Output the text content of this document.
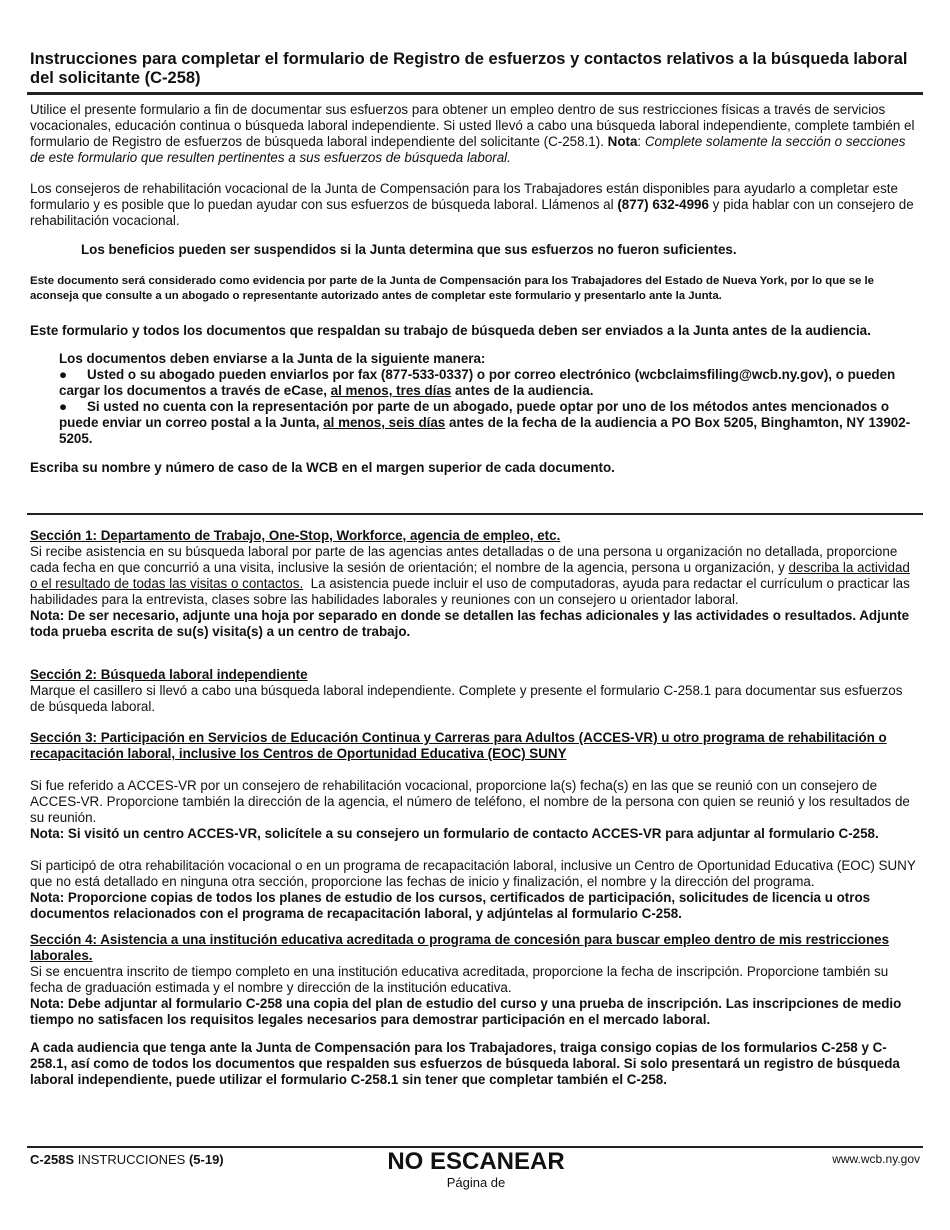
Instrucciones para completar el formulario de Registro de esfuerzos y contactos relativos a la búsqueda laboral del solicitante (C-258)

Utilice el presente formulario a fin de documentar sus esfuerzos para obtener un empleo dentro de sus restricciones físicas a través de servicios vocacionales, educación continua o búsqueda laboral independiente. Si usted llevó a cabo una búsqueda laboral independiente, complete también el formulario de Registro de esfuerzos de búsqueda laboral independiente del solicitante (C-258.1). Nota: Complete solamente la sección o secciones de este formulario que resulten pertinentes a sus esfuerzos de búsqueda laboral.

Los consejeros de rehabilitación vocacional de la Junta de Compensación para los Trabajadores están disponibles para ayudarlo a completar este formulario y es posible que lo puedan ayudar con sus esfuerzos de búsqueda laboral. Llámenos al (877) 632-4996 y pida hablar con un consejero de rehabilitación vocacional.

Los beneficios pueden ser suspendidos si la Junta determina que sus esfuerzos no fueron suficientes.
Este documento será considerado como evidencia por parte de la Junta de Compensación para los Trabajadores del Estado de Nueva York, por lo que se le aconseja que consulte a un abogado o representante autorizado antes de completar este formulario y presentarlo ante la Junta.
Este formulario y todos los documentos que respaldan su trabajo de búsqueda deben ser enviados a la Junta antes de la audiencia.

Los documentos deben enviarse a la Junta de la siguiente manera:

● Usted o su abogado pueden enviarlos por fax (877-533-0337) o por correo electrónico (wcbclaimsfiling@wcb.ny.gov), o pueden cargar los documentos a través de eCase, al menos, tres días antes de la audiencia.

● Si usted no cuenta con la representación por parte de un abogado, puede optar por uno de los métodos antes mencionados o puede enviar un correo postal a la Junta, al menos, seis días antes de la fecha de la audiencia a PO Box 5205, Binghamton, NY 13902-5205.

Escriba su nombre y número de caso de la WCB en el margen superior de cada documento.

Sección 1: Departamento de Trabajo, One-Stop, Workforce, agencia de empleo, etc.

Si recibe asistencia en su búsqueda laboral por parte de las agencias antes detalladas o de una persona u organización no detallada, proporcione cada fecha en que concurrió a una visita, inclusive la sesión de orientación; el nombre de la agencia, persona u organización, y describa la actividad o el resultado de todas las visitas o contactos. La asistencia puede incluir el uso de computadoras, ayuda para redactar el currículum o practicar las habilidades para la entrevista, clases sobre las habilidades laborales y reuniones con un consejero u orientador laboral.

Nota: De ser necesario, adjunte una hoja por separado en donde se detallen las fechas adicionales y las actividades o resultados. Adjunte toda prueba escrita de su(s) visita(s) a un centro de trabajo.

Sección 2: Búsqueda laboral independiente

Marque el casillero si llevó a cabo una búsqueda laboral independiente. Complete y presente el formulario C-258.1 para documentar sus esfuerzos de búsqueda laboral.

Sección 3: Participación en Servicios de Educación Continua y Carreras para Adultos (ACCES-VR) u otro programa de rehabilitación o recapacitación laboral, inclusive los Centros de Oportunidad Educativa (EOC) SUNY

Si fue referido a ACCES-VR por un consejero de rehabilitación vocacional, proporcione la(s) fecha(s) en las que se reunió con un consejero de ACCES-VR. Proporcione también la dirección de la agencia, el número de teléfono, el nombre de la persona con quien se reunió y los resultados de su reunión.

Nota: Si visitó un centro ACCES-VR, solicítele a su consejero un formulario de contacto ACCES-VR para adjuntar al formulario C-258.

Si participó de otra rehabilitación vocacional o en un programa de recapacitación laboral, inclusive un Centro de Oportunidad Educativa (EOC) SUNY que no está detallado en ninguna otra sección, proporcione las fechas de inicio y finalización, el nombre y la dirección del programa.

Nota: Proporcione copias de todos los planes de estudio de los cursos, certificados de participación, solicitudes de licencia u otros documentos relacionados con el programa de recapacitación laboral, y adjúntelas al formulario C-258.

Sección 4: Asistencia a una institución educativa acreditada o programa de concesión para buscar empleo dentro de mis restricciones laborales.

Si se encuentra inscrito de tiempo completo en una institución educativa acreditada, proporcione la fecha de inscripción. Proporcione también su fecha de graduación estimada y el nombre y dirección de la institución educativa.

Nota: Debe adjuntar al formulario C-258 una copia del plan de estudio del curso y una prueba de inscripción. Las inscripciones de medio tiempo no satisfacen los requisitos legales necesarios para demostrar participación en el mercado laboral.

A cada audiencia que tenga ante la Junta de Compensación para los Trabajadores, traiga consigo copias de los formularios C-258 y C-258.1, así como de todos los documentos que respalden sus esfuerzos de búsqueda laboral. Si solo presentará un registro de búsqueda laboral independiente, puede utilizar el formulario C-258.1 sin tener que completar también el C-258.
C-258S INSTRUCCIONES (5-19)	NO ESCANEAR
Página de
www.wcb.ny.gov
